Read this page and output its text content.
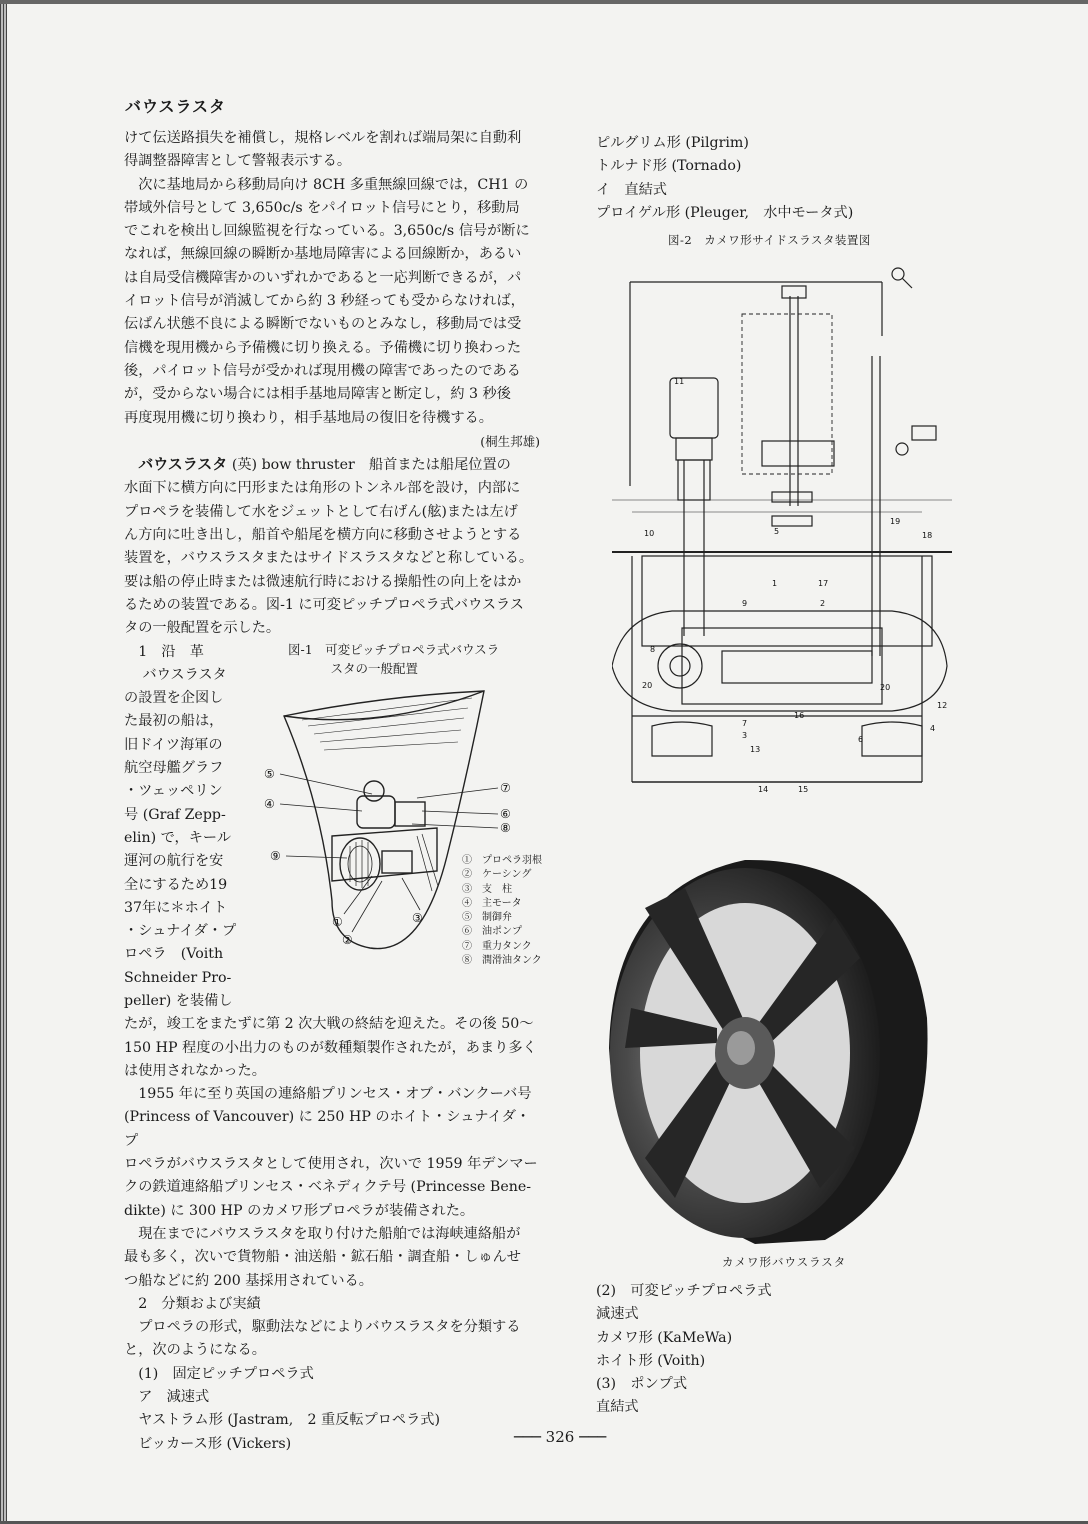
バウスラスタ

けて伝送路損失を補償し，規格レベルを割れば端局架に自動利
得調整器障害として警報表示する。

次に基地局から移動局向け 8CH 多重無線回線では，CH1 の
帯域外信号として 3,650c/s をパイロット信号にとり，移動局
でこれを検出し回線監視を行なっている。3,650c/s 信号が断に
なれば，無線回線の瞬断か基地局障害による回線断か，あるい
は自局受信機障害かのいずれかであると一応判断できるが，パ
イロット信号が消滅してから約 3 秒経っても受からなければ，
伝ぱん状態不良による瞬断でないものとみなし，移動局では受
信機を現用機から予備機に切り換える。予備機に切り換わった
後，パイロット信号が受かれば現用機の障害であったのである
が，受からない場合には相手基地局障害と断定し，約 3 秒後
再度現用機に切り換わり，相手基地局の復旧を待機する。

(桐生邦雄)

バウスラスタ (英) bow thruster　船首または船尾位置の
水面下に横方向に円形または角形のトンネル部を設け，内部に
プロペラを装備して水をジェットとして右げん(舷)または左げ
ん方向に吐き出し，船首や船尾を横方向に移動させようとする
装置を，バウスラスタまたはサイドスラスタなどと称している。
要は船の停止時または微速航行時における操船性の向上をはか
るための装置である。図-1 に可変ピッチプロペラ式バウスラス
タの一般配置を示した。

1　沿　革

バウスラスタ
の設置を企図し
た最初の船は，
旧ドイツ海軍の
航空母艦グラフ
・ツェッペリン
号 (Graf Zepp-
elin) で，キール
運河の航行を安
全にするため19
37年に＊ホイト
・シュナイダ・プ
ロペラ　(Voith
Schneider Pro-
peller) を装備し

たが，竣工をまたずに第 2 次大戦の終結を迎えた。その後 50〜
150 HP 程度の小出力のものが数種類製作されたが，あまり多く
は使用されなかった。

1955 年に至り英国の連絡船プリンセス・オブ・バンクーバ号
(Princess of Vancouver) に 250 HP のホイト・シュナイダ・プ
ロペラがバウスラスタとして使用され，次いで 1959 年デンマー
クの鉄道連絡船プリンセス・ベネディクテ号 (Princesse Bene-
dikte) に 300 HP のカメワ形プロペラが装備された。

現在までにバウスラスタを取り付けた船舶では海峡連絡船が
最も多く，次いで貨物船・油送船・鉱石船・調査船・しゅんせ
つ船などに約 200 基採用されている。

2　分類および実績

プロペラの形式，駆動法などによりバウスラスタを分類する
と，次のようになる。

(1)　固定ピッチプロペラ式
ア　減速式
ヤストラム形 (Jastram,　2 重反転プロペラ式)
ビッカース形 (Vickers)

図-1　可変ピッチプロペラ式バウスラ
スタの一般配置
⑤
④
⑦
⑥
⑧
⑨
①
②
③
①　プロペラ羽根
②　ケーシング
③　支　柱
④　主モータ
⑤　制御弁
⑥　油ポンプ
⑦　重力タンク
⑧　潤滑油タンク
ピルグリム形 (Pilgrim)
トルナド形 (Tornado)
イ　直結式
プロイゲル形 (Pleuger,　水中モータ式)
図-2　カメワ形サイドスラスタ装置図
1
2
3
4
5
6
7
8
9
10
11
12
13
14	15
16
17
18
19
20	20
カメワ形バウスラスタ
(2)　可変ピッチプロペラ式
減速式
カメワ形 (KaMeWa)
ホイト形 (Voith)
(3)　ポンプ式
直結式
─── 326 ───
